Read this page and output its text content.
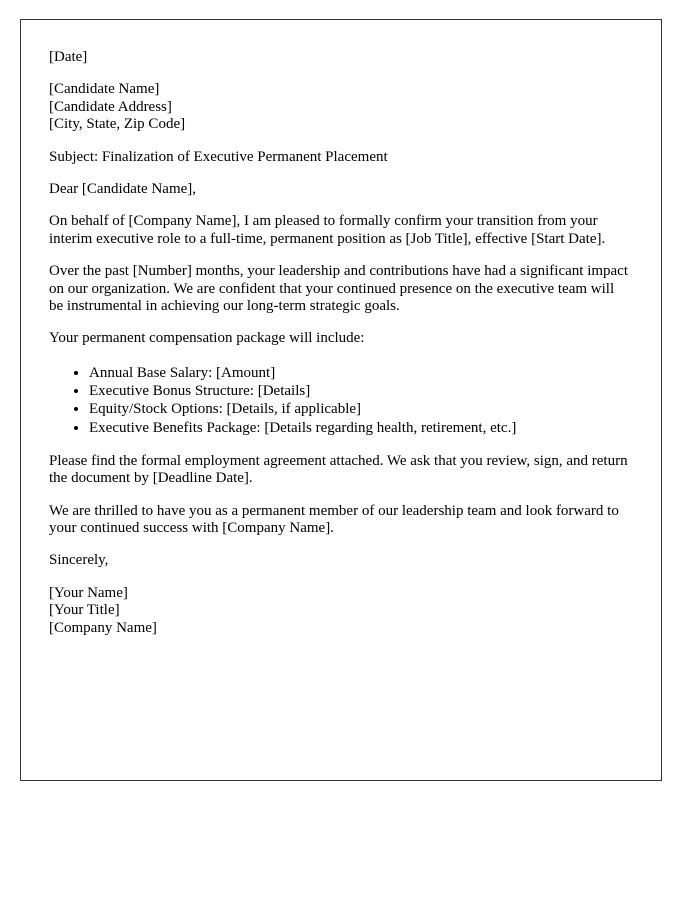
[Date]

[Candidate Name]
[Candidate Address]
[City, State, Zip Code]

Subject: Finalization of Executive Permanent Placement

Dear [Candidate Name],

On behalf of [Company Name], I am pleased to formally confirm your transition from your interim executive role to a full-time, permanent position as [Job Title], effective [Start Date].

Over the past [Number] months, your leadership and contributions have had a significant impact on our organization. We are confident that your continued presence on the executive team will be instrumental in achieving our long-term strategic goals.

Your permanent compensation package will include:

• Annual Base Salary: [Amount]
• Executive Bonus Structure: [Details]
• Equity/Stock Options: [Details, if applicable]
• Executive Benefits Package: [Details regarding health, retirement, etc.]

Please find the formal employment agreement attached. We ask that you review, sign, and return the document by [Deadline Date].

We are thrilled to have you as a permanent member of our leadership team and look forward to your continued success with [Company Name].

Sincerely,

[Your Name]
[Your Title]
[Company Name]
